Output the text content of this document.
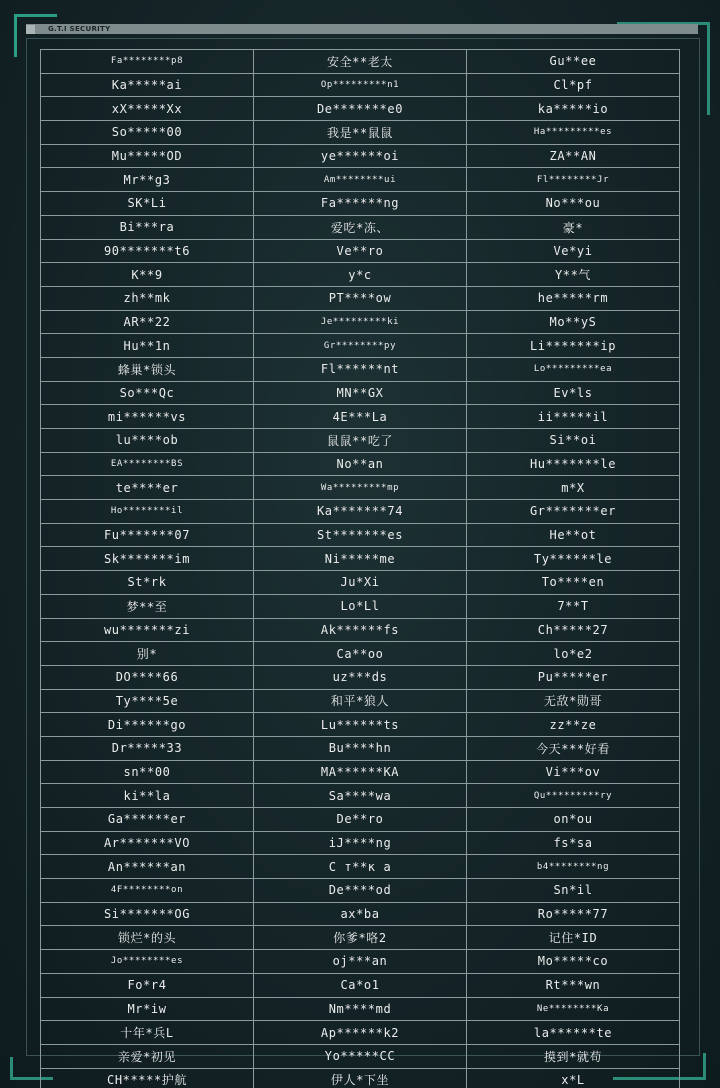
G.T.I SECURITY
Fa********p8	安全**老太	Gu**ee
Ka*****ai	Op*********n1	Cl*pf
xX*****Xx	De*******e0	ka*****io
So*****00	我是**鼠鼠	Ha*********es
Mu*****OD	ye******oi	ZA**AN
Mr**g3	Am********ui	Fl********Jr
SK*Li	Fa******ng	No***ou
Bi***ra	爱吃*冻、	豪*
90*******t6	Ve**ro	Ve*yi
K**9	y*c	Y**气
zh**mk	PT****ow	he*****rm
AR**22	Je*********ki	Mo**yS
Hu**1n	Gr********py	Li*******ip
蜂巢*锁头	Fl******nt	Lo*********ea
So***Qc	MN**GX	Ev*ls
mi******vs	4E***La	ii*****il
lu****ob	鼠鼠**吃了	Si**oi
EA********BS	No**an	Hu*******le
te****er	Wa*********mp	m*X
Ho********il	Ka*******74	Gr*******er
Fu*******07	St*******es	He**ot
Sk*******im	Ni*****me	Ty******le
St*rk	Ju*Xi	To****en
梦**至	Lo*Ll	7**T
wu*******zi	Ak******fs	Ch*****27
别*	Ca**oo	lo*e2
DO****66	uz***ds	Pu*****er
Ty****5e	和平*狼人	无敌*勋哥
Di******go	Lu******ts	zz**ze
Dr*****33	Bu****hn	今天***好看
sn**00	MA******KA	Vi***ov
ki**la	Sa****wa	Qu*********ry
Ga******er	De**ro	on*ou
Ar*******VO	iJ****ng	fs*sa
An******an	С т**к а	b4********ng
4F********on	De****od	Sn*il
Si*******OG	ax*ba	Ro*****77
锁烂*的头	你爹*咯2	记住*ID
Jo********es	oj***an	Mo*****co
Fo*r4	Ca*o1	Rt***wn
Mr*iw	Nm****md	Ne********Ka
十年*兵L	Ap******k2	la******te
亲爱*初见	Yo*****CC	摸到*就苟
CH*****护航	伊人*下坐	x*L
